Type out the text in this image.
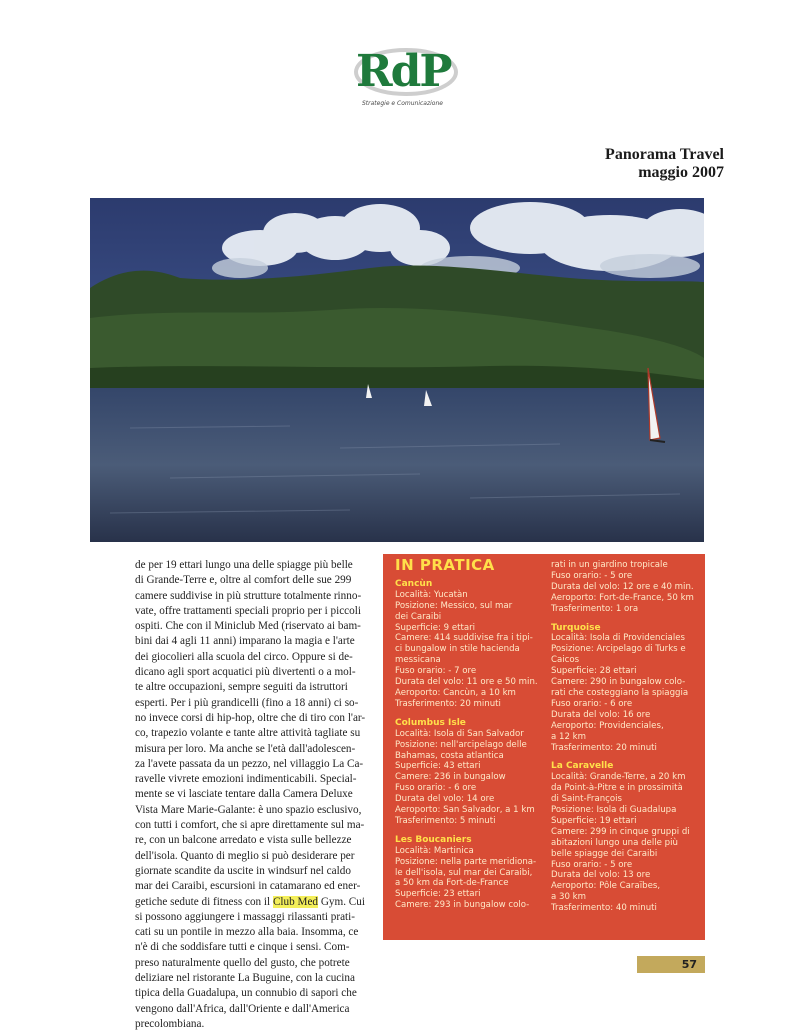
RdP
Strategie e Comunicazione
Panorama Travel
maggio 2007

de per 19 ettari lungo una delle spiagge più belle

di Grande-Terre e, oltre al comfort delle sue 299

camere suddivise in più strutture totalmente rinno-

vate, offre trattamenti speciali proprio per i piccoli

ospiti. Che con il Miniclub Med (riservato ai bam-

bini dai 4 agli 11 anni) imparano la magia e l'arte

dei giocolieri alla scuola del circo. Oppure si de-

dicano agli sport acquatici più divertenti o a mol-

te altre occupazioni, sempre seguiti da istruttori

esperti. Per i più grandicelli (fino a 18 anni) ci so-

no invece corsi di hip-hop, oltre che di tiro con l'ar-

co, trapezio volante e tante altre attività tagliate su

misura per loro. Ma anche se l'età dall'adolescen-

za l'avete passata da un pezzo, nel villaggio La Ca-

ravelle vivrete emozioni indimenticabili. Special-

mente se vi lasciate tentare dalla Camera Deluxe

Vista Mare Marie-Galante: è uno spazio esclusivo,

con tutti i comfort, che si apre direttamente sul ma-

re, con un balcone arredato e vista sulle bellezze

dell'isola. Quanto di meglio si può desiderare per

giornate scandite da uscite in windsurf nel caldo

mar dei Caraibi, escursioni in catamarano ed ener-

getiche sedute di fitness con il Club Med Gym. Cui

si possono aggiungere i massaggi rilassanti prati-

cati su un pontile in mezzo alla baia. Insomma, ce

n'è di che soddisfare tutti e cinque i sensi. Com-

preso naturalmente quello del gusto, che potrete

deliziare nel ristorante La Buguine, con la cucina

tipica della Guadalupa, un connubio di sapori che

vengono dall'Africa, dall'Oriente e dall'America

precolombiana.

IN PRATICA
Cancùn
Località: Yucatàn
Posizione: Messico, sul mar
dei Caraibi
Superficie: 9 ettari
Camere: 414 suddivise fra i tipi-
ci bungalow in stile hacienda
messicana
Fuso orario: - 7 ore
Durata del volo: 11 ore e 50 min.
Aeroporto: Cancùn, a 10 km
Trasferimento: 20 minuti
Columbus Isle
Località: Isola di San Salvador
Posizione: nell'arcipelago delle
Bahamas, costa atlantica
Superficie: 43 ettari
Camere: 236 in bungalow
Fuso orario: - 6 ore
Durata del volo: 14 ore
Aeroporto: San Salvador, a 1 km
Trasferimento: 5 minuti
Les Boucaniers
Località: Martinica
Posizione: nella parte meridiona-
le dell'isola, sul mar dei Caraibi,
a 50 km da Fort-de-France
Superficie: 23 ettari
Camere: 293 in bungalow colo-
rati in un giardino tropicale
Fuso orario: - 5 ore
Durata del volo: 12 ore e 40 min.
Aeroporto: Fort-de-France, 50 km
Trasferimento: 1 ora
Turquoise
Località: Isola di Providenciales
Posizione: Arcipelago di Turks e
Caicos
Superficie: 28 ettari
Camere: 290 in bungalow colo-
rati che costeggiano la spiaggia
Fuso orario: - 6 ore
Durata del volo: 16 ore
Aeroporto: Providenciales,
a 12 km
Trasferimento: 20 minuti
La Caravelle
Località: Grande-Terre, a 20 km
da Point-à-Pitre e in prossimità
di Saint-François
Posizione: Isola di Guadalupa
Superficie: 19 ettari
Camere: 299 in cinque gruppi di
abitazioni lungo una delle più
belle spiagge dei Caraibi
Fuso orario: - 5 ore
Durata del volo: 13 ore
Aeroporto: Pôle Caraïbes,
a 30 km
Trasferimento: 40 minuti
57
